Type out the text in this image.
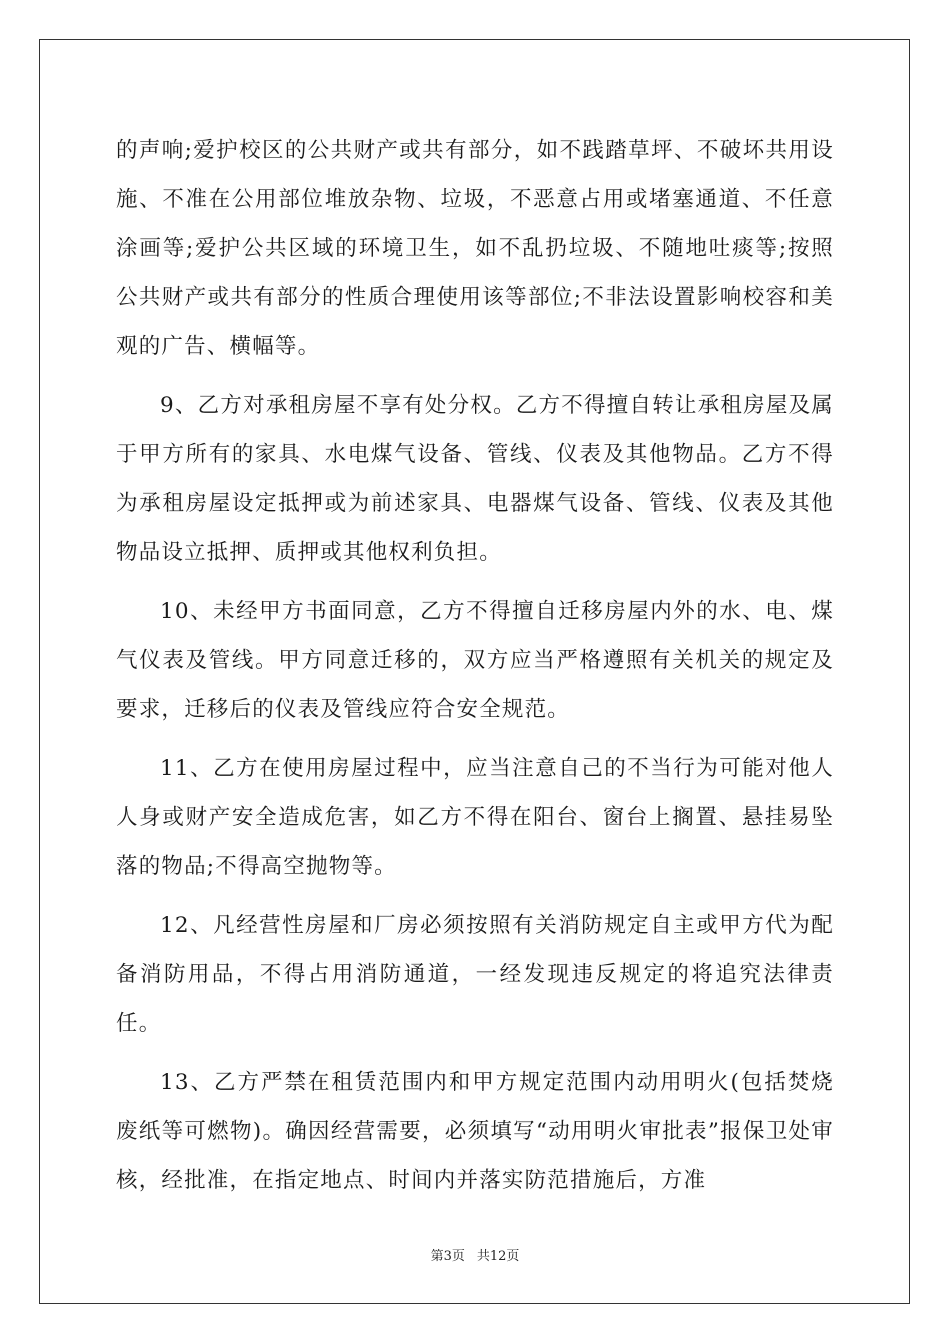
的声响;爱护校区的公共财产或共有部分，如不践踏草坪、不破坏共用设施、不准在公用部位堆放杂物、垃圾，不恶意占用或堵塞通道、不任意涂画等;爱护公共区域的环境卫生，如不乱扔垃圾、不随地吐痰等;按照公共财产或共有部分的性质合理使用该等部位;不非法设置影响校容和美观的广告、横幅等。

9、乙方对承租房屋不享有处分权。乙方不得擅自转让承租房屋及属于甲方所有的家具、水电煤气设备、管线、仪表及其他物品。乙方不得为承租房屋设定抵押或为前述家具、电器煤气设备、管线、仪表及其他物品设立抵押、质押或其他权利负担。

10、未经甲方书面同意，乙方不得擅自迁移房屋内外的水、电、煤气仪表及管线。甲方同意迁移的，双方应当严格遵照有关机关的规定及要求，迁移后的仪表及管线应符合安全规范。

11、乙方在使用房屋过程中，应当注意自己的不当行为可能对他人人身或财产安全造成危害，如乙方不得在阳台、窗台上搁置、悬挂易坠落的物品;不得高空抛物等。

12、凡经营性房屋和厂房必须按照有关消防规定自主或甲方代为配备消防用品，不得占用消防通道，一经发现违反规定的将追究法律责任。

13、乙方严禁在租赁范围内和甲方规定范围内动用明火(包括焚烧废纸等可燃物)。确因经营需要，必须填写“动用明火审批表”报保卫处审核，经批准，在指定地点、时间内并落实防范措施后，方准

第3页 共12页
